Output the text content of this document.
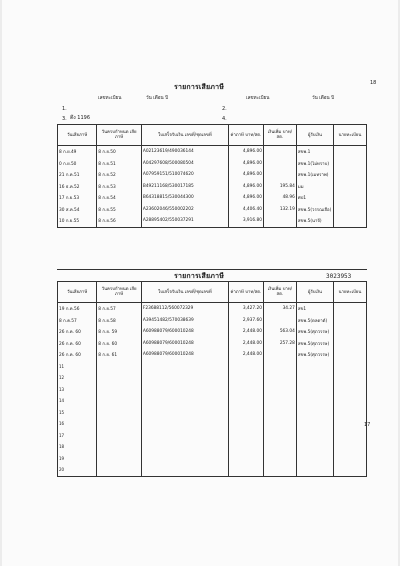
18
รายการเสียภาษี
เลขทะเบียน	วัน เดือน ปี	เลขทะเบียน	วัน เดือน ปี
1.	2.
3. ตึง 1196	4.
วันเสียภาษี	วันครบกำหนด เสียภาษี	ใบเสร็จรับเงิน เลขที่/ชุดเลขที่	ค่าภาษี บาท/สต.	เงินเพิ่ม บาท/สต.	ผู้รับเงิน	นายทะเบียน
8 ก.ย.49	8 ก.ย.50	A02123619/490036144	4,896.00		สขพ.1	
0 ก.ย.50	8 ก.ย.51	A04297608/500080504	4,896.00		สขพ.1(ไม่ทราบ)	
21 ก.ค.51	8 ก.ย.52	A07959151/510074620	4,896.00		สขพ.1(เมทราพ)	
16 ธ.ค.52	8 ก.ย.53	B49211168/530017185	4,896.00	195.84	มม	
17 ก.ย.53	8 ก.ย.54	B64318815/530044300	4,896.00	48.96	ศป1	
30 ส.ค.54	8 ก.ย.55	A23602046/550002202	4,406.40	132.19	สขพ.5(วรรณเจือ)	
10 ก.ย.55	8 ก.ย.56	A28895402/550037291	3,916.80		สขพ.5(นาจี)	
3023953
รายการเสียภาษี
วันเสียภาษี	วันครบกำหนด เสียภาษี	ใบเสร็จรับเงิน เลขที่/ชุดเลขที่	ค่าภาษี บาท/สต.	เงินเพิ่ม บาท/สต.	ผู้รับเงิน	นายทะเบียน
19 ก.ค.56	8 ก.ย.57	F23688112/560072329	3,427.20	34.27	สข1	
8 ก.ค.57	8 ก.ย.58	A39451482/570038639	2,937.60		สขพ.5(ดลดาต์)	
26 ก.ค. 60	8 ก.ย. 59	A60988079/600010248	2,448.00	563.04	สขพ.5(ศุภวรรษ)	
26 ก.ค. 60	8 ก.ย. 60	A60988079/600010248	2,448.00	257.28	สขพ.5(ศุภวรรษ)	
26 ก.ค. 60	8 ก.ย. 61	A60988079/600010248	2,448.00		สขพ.5(ศุภวรรษ)	
11						
12						
13						
14						
15						
16						
17						
18						
19						
20						
17
